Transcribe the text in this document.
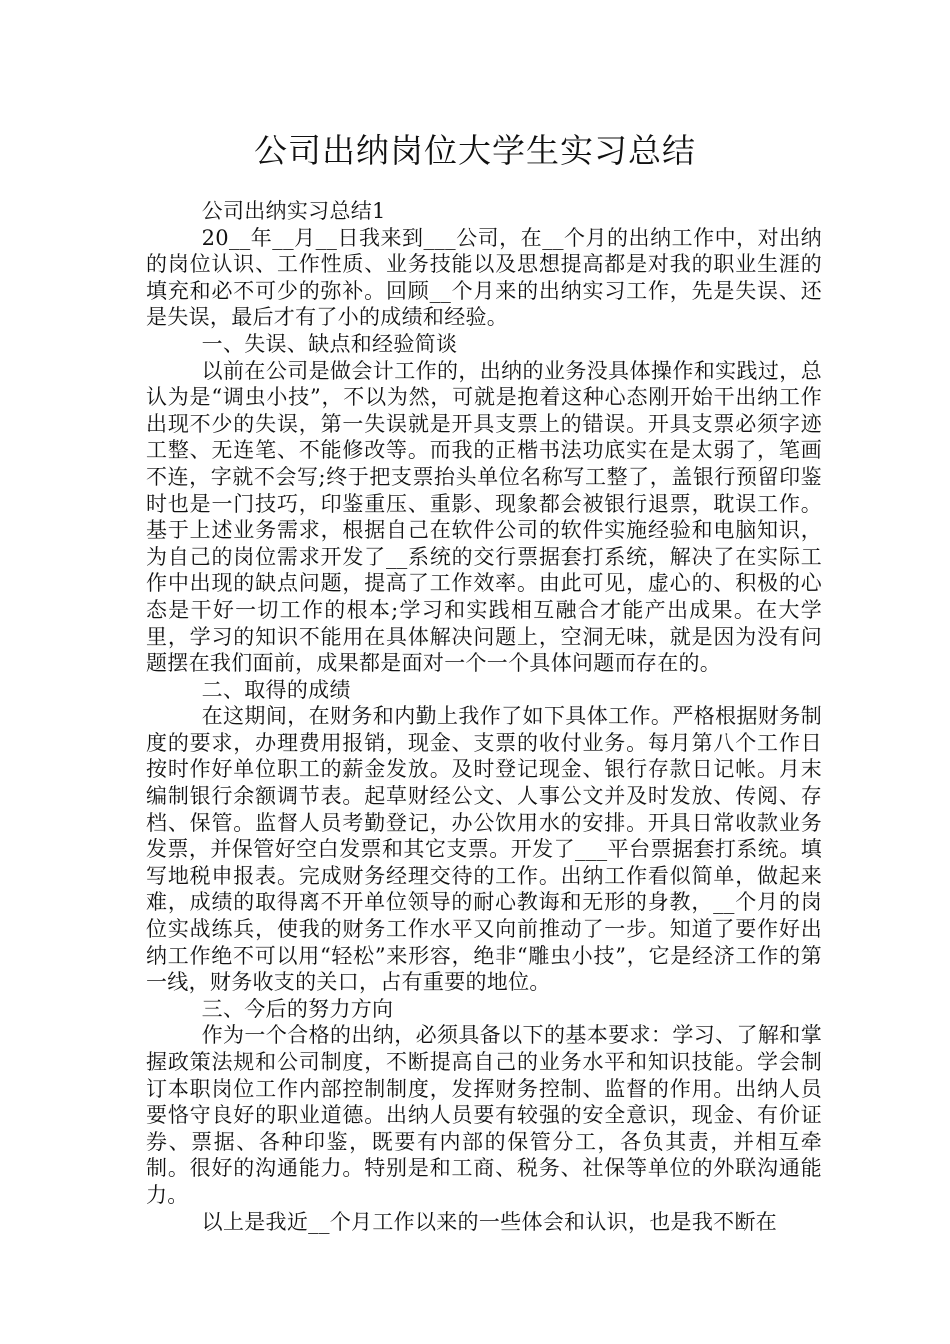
公司出纳岗位大学生实习总结

公司出纳实习总结1

20__年__月__日我来到___公司，在__个月的出纳工作中，对出纳的岗位认识、工作性质、业务技能以及思想提高都是对我的职业生涯的填充和必不可少的弥补。回顾__个月来的出纳实习工作，先是失误、还是失误，最后才有了小的成绩和经验。

一、失误、缺点和经验简谈

以前在公司是做会计工作的，出纳的业务没具体操作和实践过，总认为是“调虫小技”，不以为然，可就是抱着这种心态刚开始干出纳工作出现不少的失误，第一失误就是开具支票上的错误。开具支票必须字迹工整、无连笔、不能修改等。而我的正楷书法功底实在是太弱了，笔画不连，字就不会写;终于把支票抬头单位名称写工整了，盖银行预留印鉴时也是一门技巧，印鉴重压、重影、现象都会被银行退票，耽误工作。基于上述业务需求，根据自己在软件公司的软件实施经验和电脑知识，为自己的岗位需求开发了__系统的交行票据套打系统，解决了在实际工作中出现的缺点问题，提高了工作效率。由此可见，虚心的、积极的心态是干好一切工作的根本;学习和实践相互融合才能产出成果。在大学里，学习的知识不能用在具体解决问题上，空洞无味，就是因为没有问题摆在我们面前，成果都是面对一个一个具体问题而存在的。

二、取得的成绩

在这期间，在财务和内勤上我作了如下具体工作。严格根据财务制度的要求，办理费用报销，现金、支票的收付业务。每月第八个工作日按时作好单位职工的薪金发放。及时登记现金、银行存款日记帐。月末编制银行余额调节表。起草财经公文、人事公文并及时发放、传阅、存档、保管。监督人员考勤登记，办公饮用水的安排。开具日常收款业务发票，并保管好空白发票和其它支票。开发了___平台票据套打系统。填写地税申报表。完成财务经理交待的工作。出纳工作看似简单，做起来难，成绩的取得离不开单位领导的耐心教诲和无形的身教，__个月的岗位实战练兵，使我的财务工作水平又向前推动了一步。知道了要作好出纳工作绝不可以用“轻松”来形容，绝非“雕虫小技”，它是经济工作的第一线，财务收支的关口，占有重要的地位。

三、今后的努力方向

作为一个合格的出纳，必须具备以下的基本要求：学习、了解和掌握政策法规和公司制度，不断提高自己的业务水平和知识技能。学会制订本职岗位工作内部控制制度，发挥财务控制、监督的作用。出纳人员要恪守良好的职业道德。出纳人员要有较强的安全意识，现金、有价证券、票据、各种印鉴，既要有内部的保管分工，各负其责，并相互牵制。很好的沟通能力。特别是和工商、税务、社保等单位的外联沟通能力。

以上是我近__个月工作以来的一些体会和认识，也是我不断在
